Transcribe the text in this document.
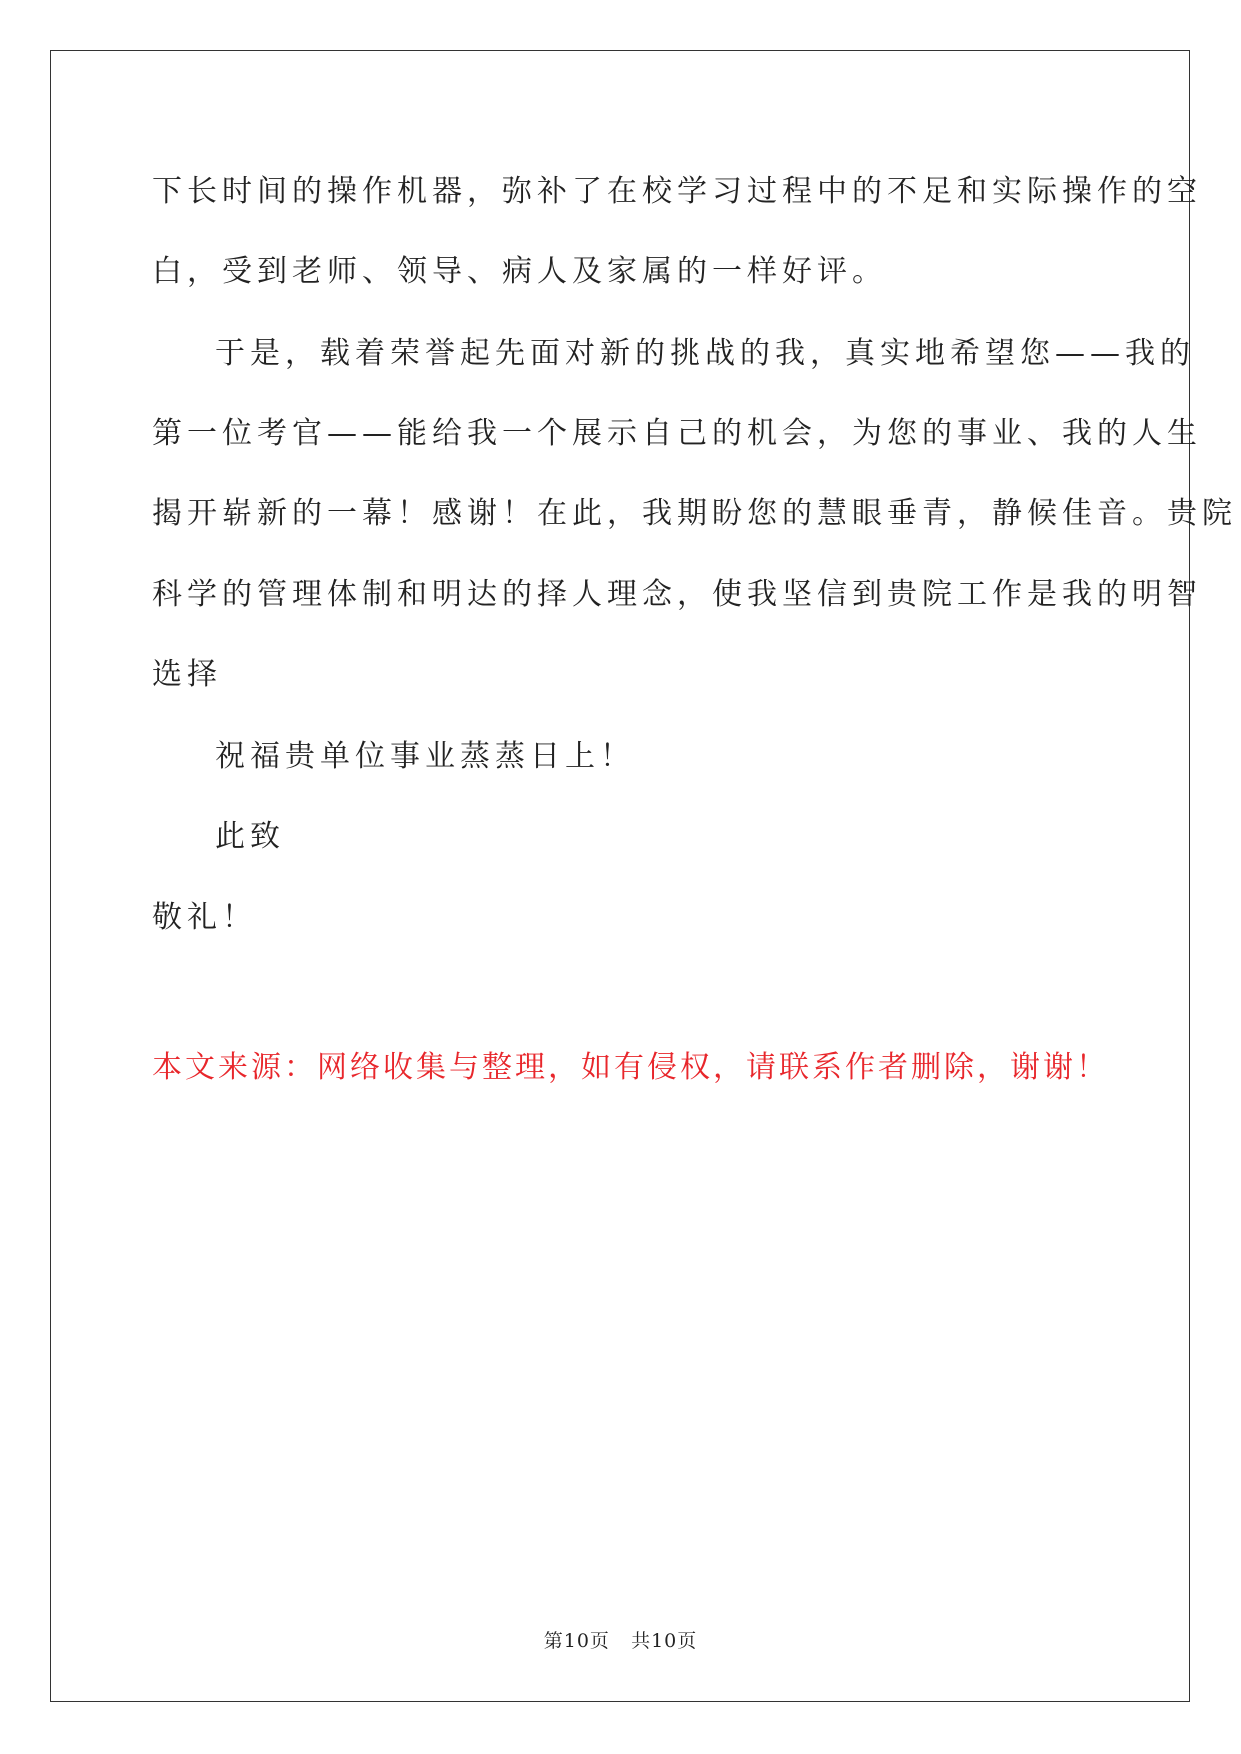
下长时间的操作机器，弥补了在校学习过程中的不足和实际操作的空
白，受到老师、领导、病人及家属的一样好评。
于是，载着荣誉起先面对新的挑战的我，真实地希望您——我的
第一位考官——能给我一个展示自己的机会，为您的事业、我的人生
揭开崭新的一幕！感谢！在此，我期盼您的慧眼垂青，静候佳音。贵院
科学的管理体制和明达的择人理念，使我坚信到贵院工作是我的明智
选择
祝福贵单位事业蒸蒸日上！
此致
敬礼！
本文来源：网络收集与整理，如有侵权，请联系作者删除，谢谢！
第10页 共10页
